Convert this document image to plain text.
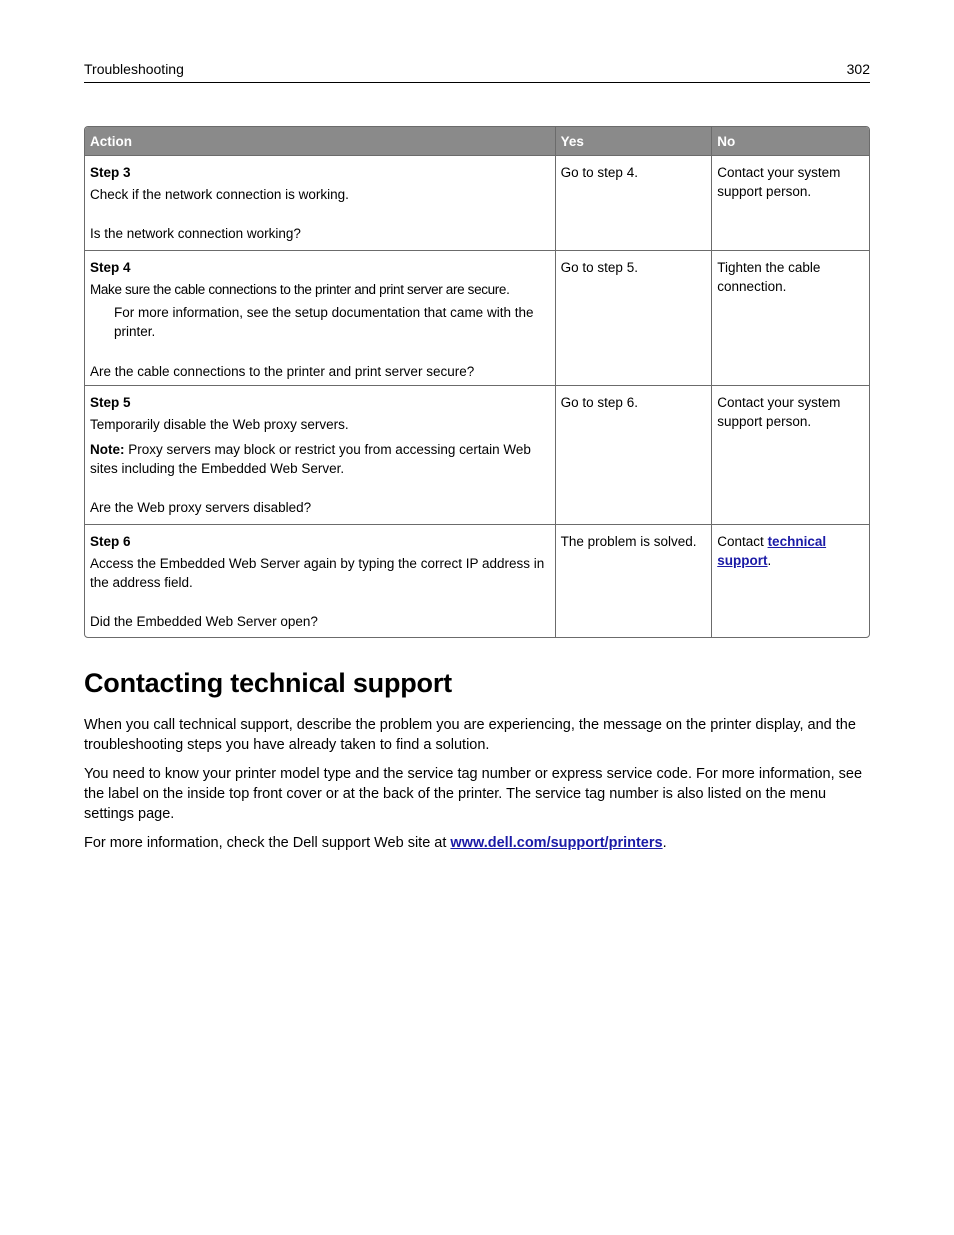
Troubleshooting	302
Action	Yes	No

Step 3
Check if the network connection is working.
Is the network connection working?	Go to step 4.	Contact your system support person.

Step 4
Make sure the cable connections to the printer and print server are secure.
For more information, see the setup documentation that came with the printer.
Are the cable connections to the printer and print server secure?	Go to step 5.	Tighten the cable connection.

Step 5
Temporarily disable the Web proxy servers.
Note: Proxy servers may block or restrict you from accessing certain Web sites including the Embedded Web Server.
Are the Web proxy servers disabled?	Go to step 6.	Contact your system support person.

Step 6
Access the Embedded Web Server again by typing the correct IP address in the address field.
Did the Embedded Web Server open?	The problem is solved.	Contact technical support.
Contacting technical support

When you call technical support, describe the problem you are experiencing, the message on the printer display, and the troubleshooting steps you have already taken to find a solution.

You need to know your printer model type and the service tag number or express service code. For more information, see the label on the inside top front cover or at the back of the printer. The service tag number is also listed on the menu settings page.

For more information, check the Dell support Web site at www.dell.com/support/printers.
